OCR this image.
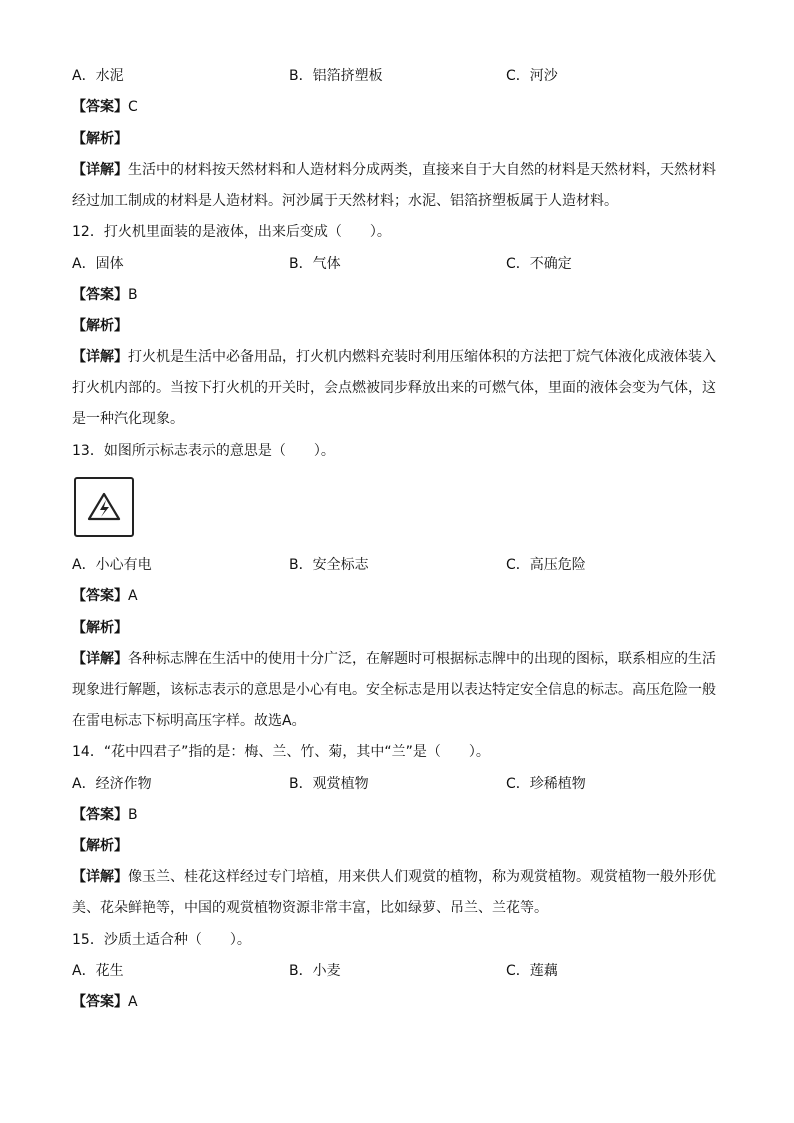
A．水泥	B．铝箔挤塑板	C．河沙
【答案】C
【解析】

【详解】生活中的材料按天然材料和人造材料分成两类，直接来自于大自然的材料是天然材料，天然材料

经过加工制成的材料是人造材料。河沙属于天然材料；水泥、铝箔挤塑板属于人造材料。

12．打火机里面装的是液体，出来后变成（　　）。
A．固体	B．气体	C．不确定
【答案】B
【解析】

【详解】打火机是生活中必备用品，打火机内燃料充装时利用压缩体积的方法把丁烷气体液化成液体装入

打火机内部的。当按下打火机的开关时，会点燃被同步释放出来的可燃气体，里面的液体会变为气体，这

是一种汽化现象。

13．如图所示标志表示的意思是（　　）。
A．小心有电	B．安全标志	C．高压危险
【答案】A
【解析】

【详解】各种标志牌在生活中的使用十分广泛，在解题时可根据标志牌中的出现的图标，联系相应的生活

现象进行解题，该标志表示的意思是小心有电。安全标志是用以表达特定安全信息的标志。高压危险一般

在雷电标志下标明高压字样。故选A。

14．“花中四君子”指的是：梅、兰、竹、菊，其中“兰”是（　　）。
A．经济作物	B．观赏植物	C．珍稀植物
【答案】B
【解析】

【详解】像玉兰、桂花这样经过专门培植，用来供人们观赏的植物，称为观赏植物。观赏植物一般外形优

美、花朵鲜艳等，中国的观赏植物资源非常丰富，比如绿萝、吊兰、兰花等。

15．沙质土适合种（　　）。
A．花生	B．小麦	C．莲藕
【答案】A
